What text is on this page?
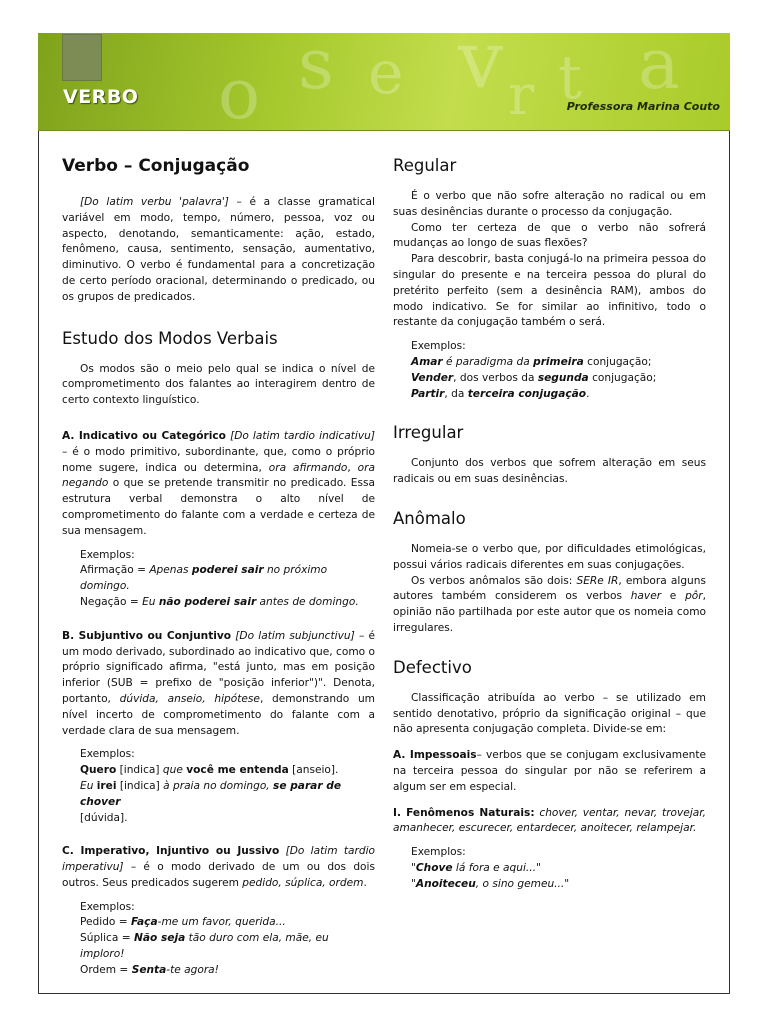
s e v
o	t a
r
VERBO	Professora Marina Couto
Verbo – Conjugação

[Do latim verbu 'palavra'] – é a classe gramatical variável em modo, tempo, número, pessoa, voz ou aspecto, denotando, semanticamente: ação, estado, fenômeno, causa, sentimento, sensação, aumentativo, diminutivo. O verbo é fundamental para a concretização de certo período oracional, determinando o predicado, ou os grupos de predicados.

Estudo dos Modos Verbais

Os modos são o meio pelo qual se indica o nível de comprometimento dos falantes ao interagirem dentro de certo contexto linguístico.

A. Indicativo ou Categórico [Do latim tardio indicativu] – é o modo primitivo, subordinante, que, como o próprio nome sugere, indica ou determina, ora afirmando, ora negando o que se pretende transmitir no predicado. Essa estrutura verbal demonstra o alto nível de comprometimento do falante com a verdade e certeza de sua mensagem.

Exemplos:
Afirmação = Apenas poderei sair no próximo domingo.
Negação = Eu não poderei sair antes de domingo.

B. Subjuntivo ou Conjuntivo [Do latim subjunctivu] – é um modo derivado, subordinado ao indicativo que, como o próprio significado afirma, "está junto, mas em posição inferior (SUB = prefixo de "posição inferior")". Denota, portanto, dúvida, anseio, hipótese, demonstrando um nível incerto de comprometimento do falante com a verdade clara de sua mensagem.

Exemplos:
Quero [indica] que você me entenda [anseio].
Eu irei [indica] à praia no domingo, se parar de chover
[dúvida].

C. Imperativo, Injuntivo ou Jussivo [Do latim tardio imperativu] – é o modo derivado de um ou dos dois outros. Seus predicados sugerem pedido, súplica, ordem.

Exemplos:
Pedido = Faça-me um favor, querida...
Súplica = Não seja tão duro com ela, mãe, eu imploro!
Ordem = Senta-te agora!
Regular

É o verbo que não sofre alteração no radical ou em suas desinências durante o processo da conjugação.

Como ter certeza de que o verbo não sofrerá mudanças ao longo de suas flexões?

Para descobrir, basta conjugá-lo na primeira pessoa do singular do presente e na terceira pessoa do plural do pretérito perfeito (sem a desinência RAM), ambos do modo indicativo. Se for similar ao infinitivo, todo o restante da conjugação também o será.

Exemplos:
Amar é paradigma da primeira conjugação;
Vender, dos verbos da segunda conjugação;
Partir, da terceira conjugação.
Irregular

Conjunto dos verbos que sofrem alteração em seus radicais ou em suas desinências.

Anômalo

Nomeia-se o verbo que, por dificuldades etimológicas, possui vários radicais diferentes em suas conjugações.

Os verbos anômalos são dois: SERe IR, embora alguns autores também considerem os verbos haver e pôr, opinião não partilhada por este autor que os nomeia como irregulares.

Defectivo

Classificação atribuída ao verbo – se utilizado em sentido denotativo, próprio da significação original – que não apresenta conjugação completa. Divide-se em:

A. Impessoais– verbos que se conjugam exclusivamente na terceira pessoa do singular por não se referirem a algum ser em especial.

I. Fenômenos Naturais: chover, ventar, nevar, trovejar, amanhecer, escurecer, entardecer, anoitecer, relampejar.

Exemplos:
"Chove lá fora e aqui..."
"Anoiteceu, o sino gemeu..."
